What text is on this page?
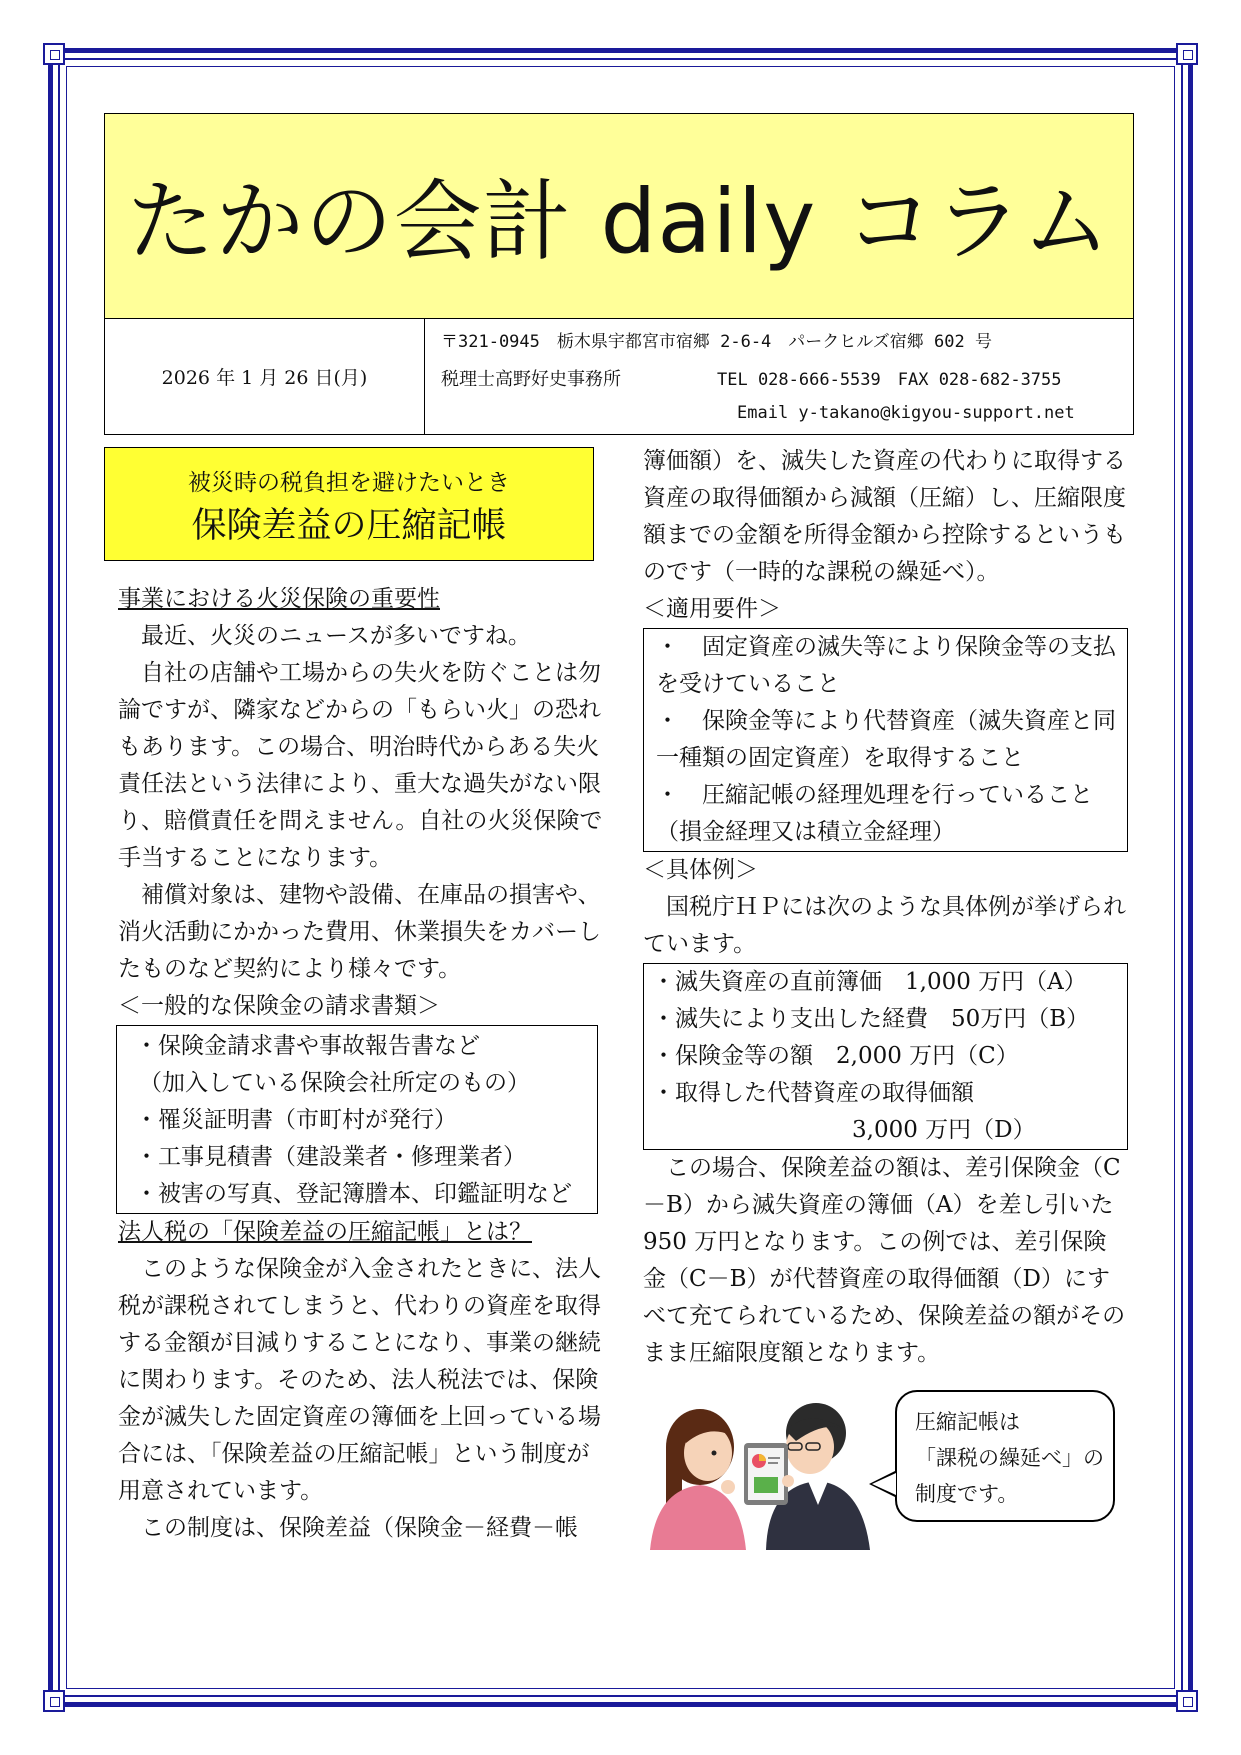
たかの会計 daily コラム
2026 年 1 月 26 日(月)
〒321-0945　栃木県宇都宮市宿郷 2-6-4　パークヒルズ宿郷 602 号
税理士高野好史事務所	TEL 028-666-5539　FAX 028-682-3755
Email y-takano@kigyou-support.net
被災時の税負担を避けたいとき
保険差益の圧縮記帳

事業における火災保険の重要性

最近、火災のニュースが多いですね。

自社の店舗や工場からの失火を防ぐことは勿論ですが、隣家などからの「もらい火」の恐れもあります。この場合、明治時代からある失火責任法という法律により、重大な過失がない限り、賠償責任を問えません。自社の火災保険で手当することになります。

補償対象は、建物や設備、在庫品の損害や、消火活動にかかった費用、休業損失をカバーしたものなど契約により様々です。

＜一般的な保険金の請求書類＞

・保険金請求書や事故報告書など
（加入している保険会社所定のもの）
・罹災証明書（市町村が発行）
・工事見積書（建設業者・修理業者）
・被害の写真、登記簿謄本、印鑑証明など

法人税の「保険差益の圧縮記帳」とは？

このような保険金が入金されたときに、法人税が課税されてしまうと、代わりの資産を取得する金額が目減りすることになり、事業の継続に関わります。そのため、法人税法では、保険金が滅失した固定資産の簿価を上回っている場合には、「保険差益の圧縮記帳」という制度が用意されています。

この制度は、保険差益（保険金－経費－帳

簿価額）を、滅失した資産の代わりに取得する資産の取得価額から減額（圧縮）し、圧縮限度額までの金額を所得金額から控除するというものです（一時的な課税の繰延べ）。

＜適用要件＞

・　固定資産の滅失等により保険金等の支払を受けていること
・　保険金等により代替資産（滅失資産と同一種類の固定資産）を取得すること
・　圧縮記帳の経理処理を行っていること（損金経理又は積立金経理）

＜具体例＞

国税庁ＨＰには次のような具体例が挙げられています。

・滅失資産の直前簿価　1,000 万円（A）
・滅失により支出した経費　50万円（B）
・保険金等の額　2,000 万円（C）
・取得した代替資産の取得価額
3,000 万円（D）

この場合、保険差益の額は、差引保険金（C－B）から滅失資産の簿価（A）を差し引いた 950 万円となります。この例では、差引保険金（C－B）が代替資産の取得価額（D）にすべて充てられているため、保険差益の額がそのまま圧縮限度額となります。

圧縮記帳は
「課税の繰延べ」の
制度です。
